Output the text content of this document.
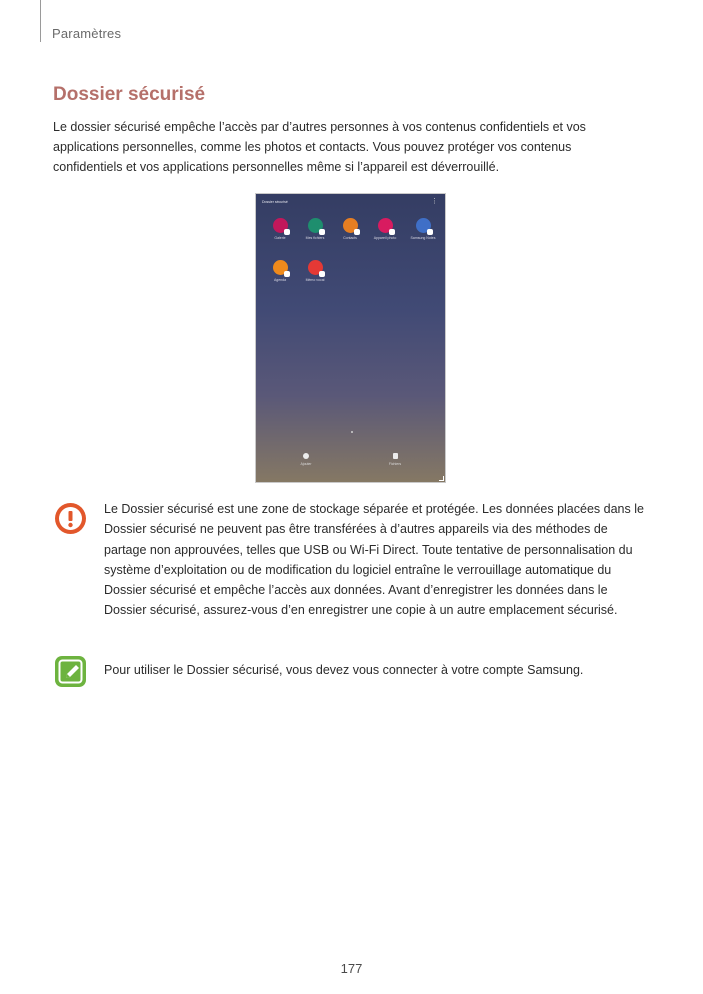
Paramètres
Dossier sécurisé

Le dossier sécurisé empêche l’accès par d’autres personnes à vos contenus confidentiels et vos applications personnelles, comme les photos et contacts. Vous pouvez protéger vos contenus confidentiels et vos applications personnelles même si l’appareil est déverrouillé.

Dossier sécurisé	⋮
Galerie	Mes fichiers	Contacts	Appareil photo	Samsung Notes
Agenda	Mémo vocal
Ajouter	Fichiers

Le Dossier sécurisé est une zone de stockage séparée et protégée. Les données placées dans le Dossier sécurisé ne peuvent pas être transférées à d’autres appareils via des méthodes de partage non approuvées, telles que USB ou Wi-Fi Direct. Toute tentative de personnalisation du système d’exploitation ou de modification du logiciel entraîne le verrouillage automatique du Dossier sécurisé et empêche l’accès aux données. Avant d’enregistrer les données dans le Dossier sécurisé, assurez-vous d’en enregistrer une copie à un autre emplacement sécurisé.

Pour utiliser le Dossier sécurisé, vous devez vous connecter à votre compte Samsung.

177
